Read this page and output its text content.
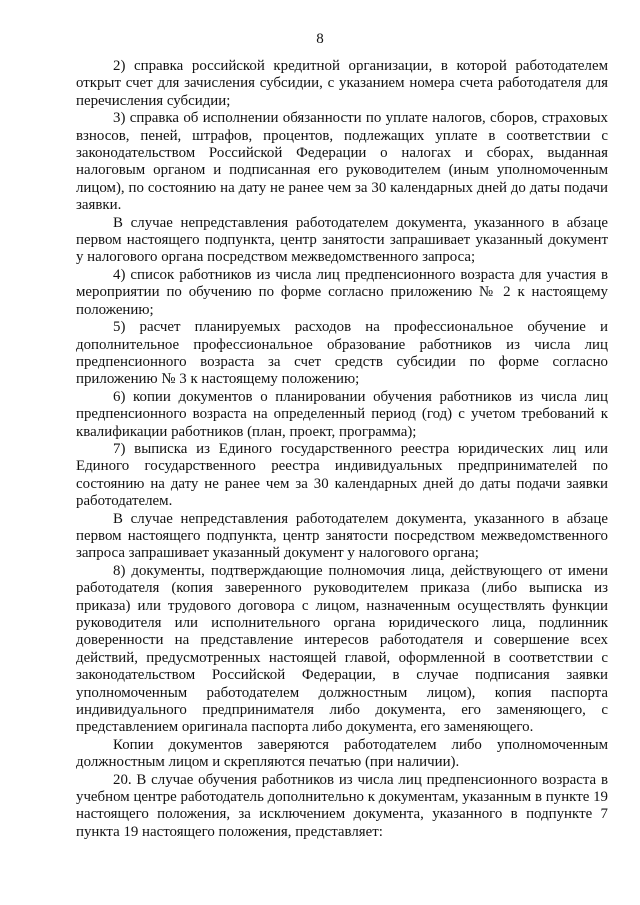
8

2) справка российской кредитной организации, в которой работодателем открыт счет для зачисления субсидии, с указанием номера счета работодателя для перечисления субсидии;

3) справка об исполнении обязанности по уплате налогов, сборов, страховых взносов, пеней, штрафов, процентов, подлежащих уплате в соответствии с законодательством Российской Федерации о налогах и сборах, выданная налоговым органом и подписанная его руководителем (иным уполномоченным лицом), по состоянию на дату не ранее чем за 30 календарных дней до даты подачи заявки.

В случае непредставления работодателем документа, указанного в абзаце первом настоящего подпункта, центр занятости запрашивает указанный документ у налогового органа посредством межведомственного запроса;

4) список работников из числа лиц предпенсионного возраста для участия в мероприятии по обучению по форме согласно приложению № 2 к настоящему положению;

5) расчет планируемых расходов на профессиональное обучение и дополнительное профессиональное образование работников из числа лиц предпенсионного возраста за счет средств субсидии по форме согласно приложению № 3 к настоящему положению;

6) копии документов о планировании обучения работников из числа лиц предпенсионного возраста на определенный период (год) с учетом требований к квалификации работников (план, проект, программа);

7) выписка из Единого государственного реестра юридических лиц или Единого государственного реестра индивидуальных предпринимателей по состоянию на дату не ранее чем за 30 календарных дней до даты подачи заявки работодателем.

В случае непредставления работодателем документа, указанного в абзаце первом настоящего подпункта, центр занятости посредством межведомственного запроса запрашивает указанный документ у налогового органа;

8) документы, подтверждающие полномочия лица, действующего от имени работодателя (копия заверенного руководителем приказа (либо выписка из приказа) или трудового договора с лицом, назначенным осуществлять функции руководителя или исполнительного органа юридического лица, подлинник доверенности на представление интересов работодателя и совершение всех действий, предусмотренных настоящей главой, оформленной в соответствии с законодательством Российской Федерации, в случае подписания заявки уполномоченным работодателем должностным лицом), копия паспорта индивидуального предпринимателя либо документа, его заменяющего, с представлением оригинала паспорта либо документа, его заменяющего.

Копии документов заверяются работодателем либо уполномоченным должностным лицом и скрепляются печатью (при наличии).

20. В случае обучения работников из числа лиц предпенсионного возраста в учебном центре работодатель дополнительно к документам, указанным в пункте 19 настоящего положения, за исключением документа, указанного в подпункте 7 пункта 19 настоящего положения, представляет:
